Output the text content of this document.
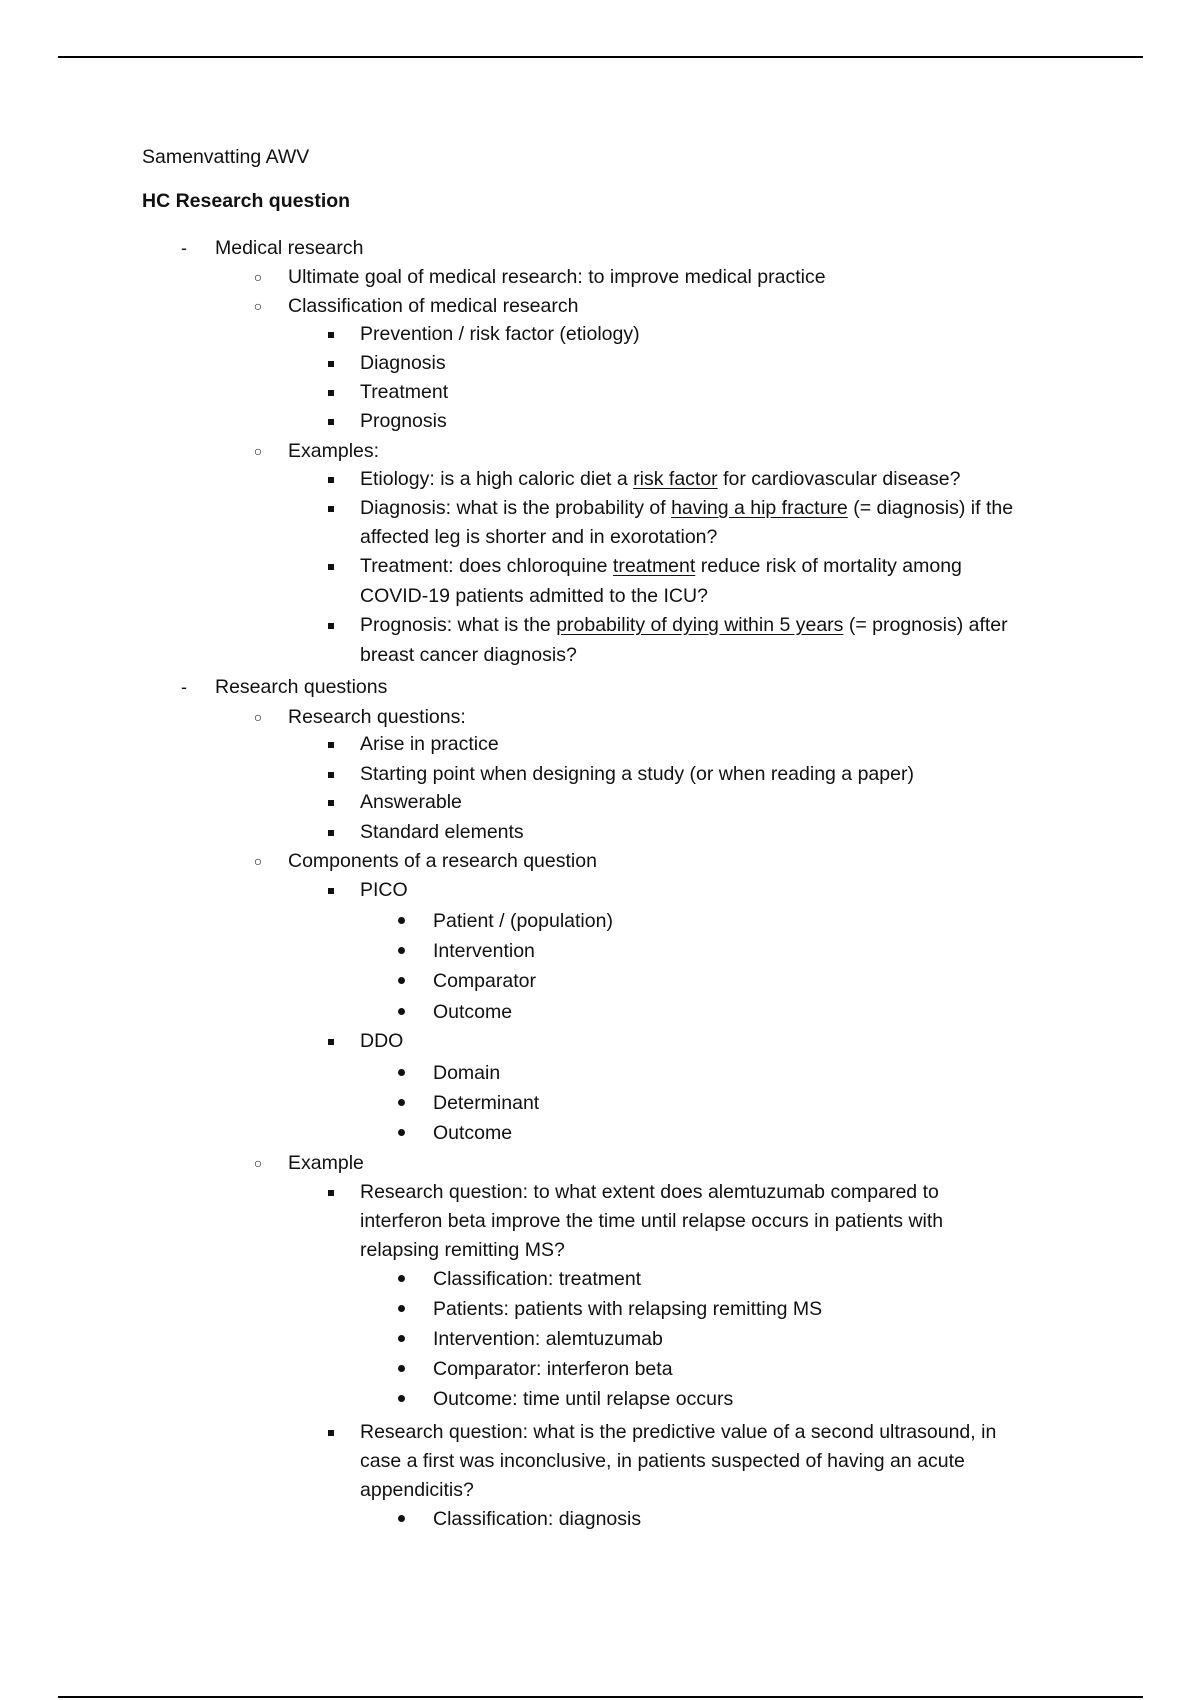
Samenvatting AWV
HC Research question
- Medical research
○ Ultimate goal of medical research: to improve medical practice
○ Classification of medical research
Prevention / risk factor (etiology)
Diagnosis
Treatment
Prognosis
○ Examples:
Etiology: is a high caloric diet a risk factor for cardiovascular disease?
Diagnosis: what is the probability of having a hip fracture (= diagnosis) if the
affected leg is shorter and in exorotation?
Treatment: does chloroquine treatment reduce risk of mortality among
COVID-19 patients admitted to the ICU?
Prognosis: what is the probability of dying within 5 years (= prognosis) after
breast cancer diagnosis?
- Research questions
○ Research questions:
Arise in practice
Starting point when designing a study (or when reading a paper)
Answerable
Standard elements
○ Components of a research question
PICO
Patient / (population)
Intervention
Comparator
Outcome
DDO
Domain
Determinant
Outcome
○ Example
Research question: to what extent does alemtuzumab compared to
interferon beta improve the time until relapse occurs in patients with
relapsing remitting MS?
Classification: treatment
Patients: patients with relapsing remitting MS
Intervention: alemtuzumab
Comparator: interferon beta
Outcome: time until relapse occurs
Research question: what is the predictive value of a second ultrasound, in
case a first was inconclusive, in patients suspected of having an acute
appendicitis?
Classification: diagnosis
